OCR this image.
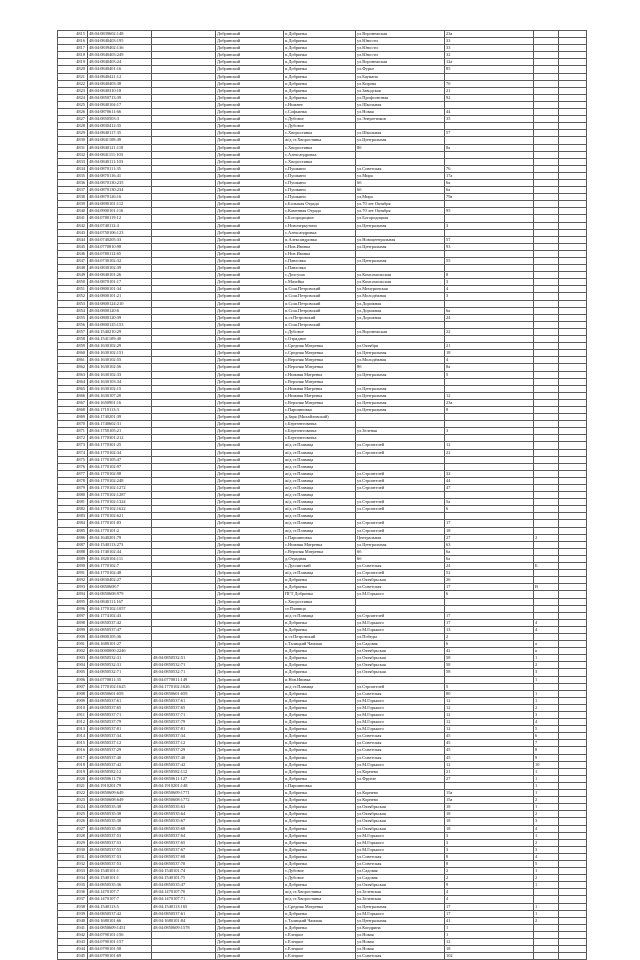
4815	48:04:0839602:148		Добринский	п.Добринка	ул.Воронежская	23а		
4816	48:04:0840403:195		Добринский	п.Добринка	ул.Юности	33		
4817	48:04:0839402:136		Добринский	п.Добринка	ул.Юности	33		
4818	48:04:0840403:249		Добринский	п.Добринка	ул.Юности	32		
4819	48:04:0840403:24		Добринский	п.Добринка	ул.Воронежская	12а		
4820	48:04:0840401:16		Добринский	п.Добринка	ул.Фурье	85		
4821	48:04:0840421:12		Добринский	п.Добринка	ул.Баумана			
4822	48:04:0840403:38		Добринский	п.Добринка	ул.Кирова	7б		
4823	48:04:0840310:18		Добринский	п.Добринка	ул.Заводская	21		
4824	48:04:0850713:39		Добринский	п.Добринка	ул.Профсоюзная	92		
4825	48:04:0840104:17		Добринский	с.Нижнее	ул.Школьная			
4826	48:04:0870611:66		Добринский	с.Софьинка	ул.Новая	44		
4827	48:04:0850503:3		Добринский	с.Дубовое	ул.Энергетиков	35		
4828	48:04:0830412:35		Добринский	с.Дубовое				
4829	48:04:0840117:35		Добринский	с.Хворостянка	ул.Школьная	57		
4830	48:04:0841108:49		Добринский	ж/д ст.Хворостянка	ул.Центральная			
4831	48:04:0840121:118		Добринский	с.Хворостянка	8б	8а		
4832	48:04:0841111:103		Добринский	с.Александровка				
4833	48:04:0840111:103		Добринский	с.Хворостянка				
4834	48:04:0870111:35		Добринский	с.Пушкино	ул.Советская	76		
4835	48:04:0870116:41		Добринский	с.Пушкино	ул.Мира	17а		
4836	48:04:0870130:235		Добринский	с.Пушкино	6б	6а		
4837	48:04:0870130:234		Добринский	с.Пушкино	6б	6а		
4838	48:04:0870126:16		Добринский	с.Пушкино	ул.Мира	79а		
4839	48:04:0890101:112		Добринский	с.Большая Отрада	ул.70 лет Октября			
4840	48:04:0900101:116		Добринский	с.Каменная Отрада	ул.70 лет Октября	95		
4841	48:04:0780119:12		Добринский	с.Богородицкое	ул.Богородицкая			
4842	48:04:0740112:4		Добринский	с.Новочеркутино	ул.Центральная	3		
4843	48:04:0750106:123		Добринский	с.Александровка				
4844	48:04:0740205:33		Добринский	п.Александровка	ул.Новоцентральная	57		
4845	48:04:0770810:98		Добринский	с.Нов.Ивовка	ул.Центральная	93		
4846	48:04:0780112:65		Добринский	с.Нов.Ивовка				
4847	48:04:0730102:32		Добринский	с.Павловка	ул.Центральная	55		
4848	48:04:0830102:39		Добринский	с.Павловка				
4849	48:04:0840101:26		Добринский	с.Долгуша	ул.Комсомольская	8		
4850	48:04:0870101:17		Добринский	с.Мазейка	ул.Комсомольская	3		
4851	48:04:0800101:34		Добринский	п.Сош.Петровский	ул.Мичуринская	4		
4852	48:04:0800101:21		Добринский	п.Сош.Петровский	ул.Молодёжная	3		
4853	48:04:0800124:210		Добринский	п.Сош.Петровский	ул.Дорожная			
4854	48:04:0800120:6		Добринский	п.Сош.Петровский	ул.Дорожная	6а		
4855	48:04:0800120:39		Добринский	п.ст.Петровский	ул.Дорожная	24		
4856	48:04:0800125:153		Добринский	п.Сош.Петровский				
4857	48:04:1540210:29		Добринский	с.Дубовое	ул.Воронежская	22		
4858	48:04:1541109:40		Добринский	с.Отрадное				
4859	48:04:1630102:29		Добринский	с.Средняя Матренка	ул.Октября	21		
4860	48:04:1630102:151		Добринский	с.Средняя Матренка	ул.Центральная	18		
4861	48:04:1630102:55		Добринский	с.Верхняя Матренка	ул.Молодёжная	4		
4862	48:04:1630102:56		Добринский	с.Верхняя Матренка	8б	8а		
4863	48:04:1630102:33		Добринский	с.Нижняя Матренка	ул.Центральная	5		
4864	48:04:1630103:34		Добринский	с.Верхняя Матренка				
4865	48:04:1630102:15		Добринский	с.Нижняя Матренка	ул.Центральная			
4866	48:04:1630107:20		Добринский	с.Нижняя Матренка	ул.Центральная	12		
4867	48:04:1650901:16		Добринский	с.Верхняя Матренка	ул.Центральная	23а		
4868	48:04:1710113:3		Добринский	с.Паршиновка	ул.Центральная	8		
4869	48:04:1740201:39		Добринский	д.Заря (Михайловский)				
4870	48:04:1740602:31		Добринский	с.Березнеговатка				
4871	48:04:1750105:21		Добринский	с.Березнеговатка	ул.Зеленая	3		
4872	48:04:1770301:212		Добринский	с.Березнеговатка				
4873	48:04:1770301:25		Добринский	ж/д ст.Плавица	ул.Строителей	12		
4874	48:04:1770102:34		Добринский	ж/д ст.Плавица	ул.Строителей	22		
4875	48:04:1770105:47		Добринский	ж/д ст.Плавица				
4876	48:04:1770102:97		Добринский	ж/д ст.Плавица				
4877	48:04:1770102:98		Добринский	ж/д ст.Плавица	ул.Строителей	32		
4878	48:04:1770102:248		Добринский	ж/д ст.Плавица	ул.Строителей	44		
4879	48:04:1770102:1272		Добринский	ж/д ст.Плавица	ул.Строителей	47		
4880	48:04:1770102:1287		Добринский	ж/д ст.Плавица				
4881	48:04:1770102:1324		Добринский	ж/д ст.Плавица	ул.Строителей	5а		
4882	48:04:1770102:1622		Добринский	ж/д ст.Плавица	ул.Строителей	6		
4883	48:04:1770102:621		Добринский	ж/д ст.Плавица				
4884	48:04:1770101:83		Добринский	ж/д ст.Плавица	ул.Строителей	17		
4885	48:04:1770101:2		Добринский	ж/д ст.Плавица	ул.Строителей	18		
4886	48:04:1640201:79		Добринский	с.Паршиновка	Центральная	27	2	
4887	48:04:1540113:273		Добринский	с.Нижняя Матренка	ул.Центральная	63		
4888	48:04:1740102:44		Добринский	с.Верхняя Матренка	6б	6а		
4889	48:04:1820104:111		Добринский	д.Отрадная	6б	6а		
4890	48:04:1770102:7		Добринский	с.Дуплятский	ул.Советская	24	Б	
4891	48:04:1770102:48		Добринский	ж/д ст.Плавица	ул.Строителей	52		
4892	48:04:0830402:27		Добринский	п.Добринка	ул.Октябрьская	26		
4893	48:04:0850608:7		Добринский	п.Добринка	ул.Советская	17	В	
4894	48:04:0850608:979		Добринский	ПГТ Добринка	ул.М.Горького	6		
4895	48:04:0840111:167		Добринский	с.Хворостянка				
4896	48:04:1770102:1057		Добринский	ст.Плавица				
4897	48:04:1774102:43		Добринский	ж/д ст.Плавица	ул.Строителей	17		
4898	48:04:0850537:42		Добринский	п.Добринка	ул.М.Горького	17	4	
4899	48:04:0850537:47		Добринский	п.Добринка	ул.М.Горького	13	4	
4900	48:04:0800105:36		Добринский	п.ст.Петровский	ул.Победы	2		
4901	48:04:1680101:27		Добринский	с.Талицкий Чамлык	ул.Садовая	6	а	
4902	48:04:0000000:2246		Добринский	п.Добринка	ул.Октябрьская	42	а	
4903	48:04:0850532:31	48:04:0850532:51	Добринский	п.Добринка	ул.Октябрьская	58	1	
4904	48:04:0850532:31	48:04:0850532:71	Добринский	п.Добринка	ул.Октябрьская	58	2	
4905	48:04:0850532:71	48:04:0850532:71	Добринский	п.Добринка	ул.Октябрьская	58	3	
4906	48:04:0770811:35	48:04:0770811:149	Добринский	п.Нов.Ивовка			1	
4907	48:04:1770102:1625	48:04:1770102:1626	Добринский	ж/д ст.Плавица	ул.Строителей	5		
4908	48:04:0850601:659	48:04:0850601:659	Добринский	п.Добринка	ул.Советская	80	1	
4909	48:04:0850537:61	48:04:0850537:61	Добринский	п.Добринка	ул.М.Горького	12	1	
4910	48:04:0850537:65	48:04:0850537:65	Добринский	п.Добринка	ул.М.Горького	12	2	
4911	48:04:0850537:71	48:04:0850537:71	Добринский	п.Добринка	ул.М.Горького	12	3	
4912	48:04:0850537:79	48:04:0850537:79	Добринский	п.Добринка	ул.М.Горького	12	4	
4913	48:04:0850537:81	48:04:0850537:81	Добринский	п.Добринка	ул.М.Горького	12	5	
4914	48:04:0850537:34	48:04:0850537:34	Добринский	п.Добринка	ул.Советская	45	6	
4915	48:04:0850537:12	48:04:0850537:12	Добринский	п.Добринка	ул.Советская	45	7	
4916	48:04:0850537:29	48:04:0850537:29	Добринский	п.Добринка	ул.Советская	45	8	
4917	48:04:0850537:40	48:04:0850537:40	Добринский	п.Добринка	ул.Советская	45	9	
4918	48:04:0850537:42	48:04:0850537:42	Добринский	п.Добринка	ул.М.Горького	12	10	
4919	48:04:0850582:12	48:04:0850582:112	Добринский	п.Добринка	ул.Корнева	21	1	
4920	48:04:0850611:70	48:04:0850611:127	Добринский	п.Добринка	ул.Фрунзе	27	1	
4921	48:04:1910201:79	48:04:1910201:148	Добринский	с.Паршиновка			1	
4922	48:04:0850609:649	48:04:0850609:1771	Добринский	п.Добринка	ул.Корнева	15а	1	
4923	48:04:0850608:649	48:04:0850608:1772	Добринский	п.Добринка	ул.Корнева	15а	2	
4924	48:04:0850535:38	48:04:0850535:63	Добринский	п.Добринка	ул.Октябрьская	18	1	
4925	48:04:0850535:38	48:04:0850535:64	Добринский	п.Добринка	ул.Октябрьская	18	2	
4926	48:04:0850535:38	48:04:0850535:67	Добринский	п.Добринка	ул.Октябрьская	18	3	
4927	48:04:0850535:38	48:04:0850535:68	Добринский	п.Добринка	ул.Октябрьская	18	4	
4928	48:04:0850537:53	48:04:0850537:64	Добринский	п.Добринка	ул.М.Горького	3	1	
4929	48:04:0850537:53	48:04:0850537:65	Добринский	п.Добринка	ул.М.Горького	3	2	
4930	48:04:0850537:53	48:04:0850537:67	Добринский	п.Добринка	ул.М.Горького	3	3	
4931	48:04:0850537:53	48:04:0850537:68	Добринский	п.Добринка	ул.Советская	8	4	
4932	48:04:0850537:53	48:04:0850537:70	Добринский	п.Добринка	ул.Советская	8	5	
4933	48:04:1540101:1	48:04:1540101:74	Добринский	с.Дубовое	ул.Садовая	2	1	
4934	48:04:1540101:1	48:04:1540101:75	Добринский	с.Дубовое	ул.Садовая	2	2	
4935	48:04:0850535:36	48:04:0850535:47	Добринский	п.Добринка	ул.Октябрьская	9	1	
4936	48:04:1470107:7	48:04:1470107:70	Добринский	ж/д ст.Хворостянка	ул.Зеленская	4		
4937	48:04:1470107:7	48:04:1470107:71	Добринский	ж/д ст.Хворостянка	ул.Зеленская	4		
4938	48:04:1540113:5	48:04:1540113:165	Добринский	с.Средняя Матренка	ул.Центральная	17	1	
4939	48:04:0850537:42	48:04:0850537:61	Добринский	п.Добринка	ул.М.Горького	17	1	
4940	48:04:1680101:66	48:04:1680101:84	Добринский	с.Талицкий Чамлык	ул.Центральная	41	2	
4941	48:04:0850609:1451	48:04:0850609:1578	Добринский	п.Добринка	ул.Кондрина	1		
4942	48:04:0790101:156		Добринский	с.Елецкое	ул.Новая	1		
4943	48:04:0790101:157		Добринский	с.Елецкое	ул.Новая	12		
4944	48:04:0790101:58		Добринский	с.Елецкое	ул.Новая	18		
4945	48:04:0790101:69		Добринский	с.Елецкое	ул.Советская	102		
